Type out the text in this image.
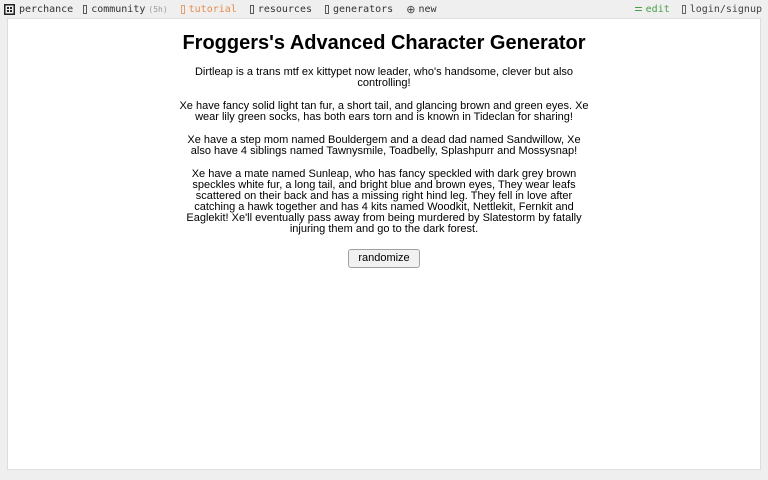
perchance community (5h) tutorial resources generators ⊕ new	edit login/signup
Froggers's Advanced Character Generator

Dirtleap is a trans mtf ex kittypet now leader, who's handsome, clever but also controlling!

Xe have fancy solid light tan fur, a short tail, and glancing brown and green eyes. Xe wear lily green socks, has both ears torn and is known in Tideclan for sharing!

Xe have a step mom named Bouldergem and a dead dad named Sandwillow, Xe also have 4 siblings named Tawnysmile, Toadbelly, Splashpurr and Mossysnap!

Xe have a mate named Sunleap, who has fancy speckled with dark grey brown speckles white fur, a long tail, and bright blue and brown eyes, They wear leafs scattered on their back and has a missing right hind leg. They fell in love after catching a hawk together and has 4 kits named Woodkit, Nettlekit, Fernkit and Eaglekit! Xe'll eventually pass away from being murdered by Slatestorm by fatally injuring them and go to the dark forest.

randomize
